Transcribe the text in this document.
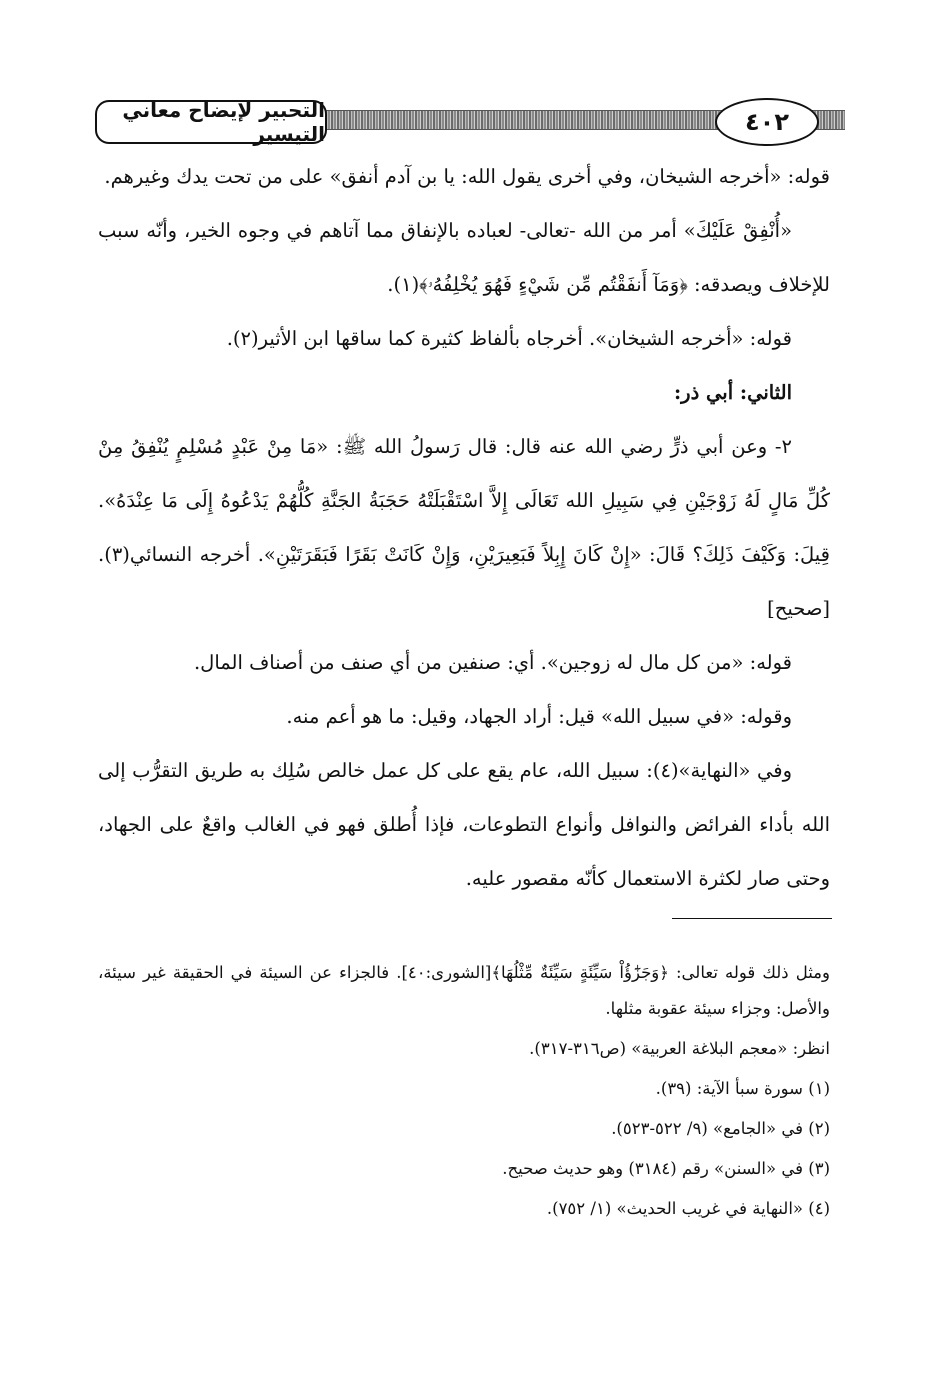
التحبير لإيضاح معاني التيسير	٤٠٢

قوله: «أخرجه الشيخان، وفي أخرى يقول الله: يا بن آدم أنفق» على من تحت يدك وغيرهم.

«أُنْفِقْ عَلَيْكَ» أمر من الله -تعالى- لعباده بالإنفاق مما آتاهم في وجوه الخير، وأنّه سبب للإخلاف ويصدقه: ﴿وَمَآ أَنفَقْتُم مِّن شَيْءٍ فَهُوَ يُخْلِفُهُۥ﴾(١).

قوله: «أخرجه الشيخان». أخرجاه بألفاظ كثيرة كما ساقها ابن الأثير(٢).

الثاني: أبي ذر:

٢- وعن أبي ذرٍّ رضي الله عنه قال: قال رَسولُ الله ﷺ: «مَا مِنْ عَبْدٍ مُسْلِمٍ يُنْفِقُ مِنْ كُلِّ مَالٍ لَهُ زَوْجَيْنِ فِي سَبِيلِ الله تَعَالَى إِلاَّ اسْتَقْبَلَتْهُ حَجَبَةُ الجَنَّةِ كُلُّهُمْ يَدْعُوهُ إِلَى مَا عِنْدَهُ». قِيلَ: وَكَيْفَ ذَلِكَ؟ قَالَ: «إِنْ كَانَ إِبِلاً فَبَعِيرَيْنِ، وَإِنْ كَانَتْ بَقَرًا فَبَقَرَتَيْنِ». أخرجه النسائي(٣). [صحيح]

قوله: «من كل مال له زوجين». أي: صنفين من أي صنف من أصناف المال.

وقوله: «في سبيل الله» قيل: أراد الجهاد، وقيل: ما هو أعم منه.

وفي «النهاية»(٤): سبيل الله، عام يقع على كل عمل خالص سُلِك به طريق التقرُّب إلى الله بأداء الفرائض والنوافل وأنواع التطوعات، فإذا أُطلق فهو في الغالب واقعٌ على الجهاد، وحتى صار لكثرة الاستعمال كأنّه مقصور عليه.

ومثل ذلك قوله تعالى: ﴿وَجَزَٰٓؤُاْ سَيِّئَةٍ سَيِّئَةٌ مِّثْلُهَا﴾[الشورى:٤٠]. فالجزاء عن السيئة في الحقيقة غير سيئة، والأصل: وجزاء سيئة عقوبة مثلها.

انظر: «معجم البلاغة العربية» (ص٣١٦-٣١٧).

(١) سورة سبأ الآية: (٣٩).

(٢) في «الجامع» (٩/ ٥٢٢-٥٢٣).

(٣) في «السنن» رقم (٣١٨٤) وهو حديث صحيح.

(٤) «النهاية في غريب الحديث» (١/ ٧٥٢).
